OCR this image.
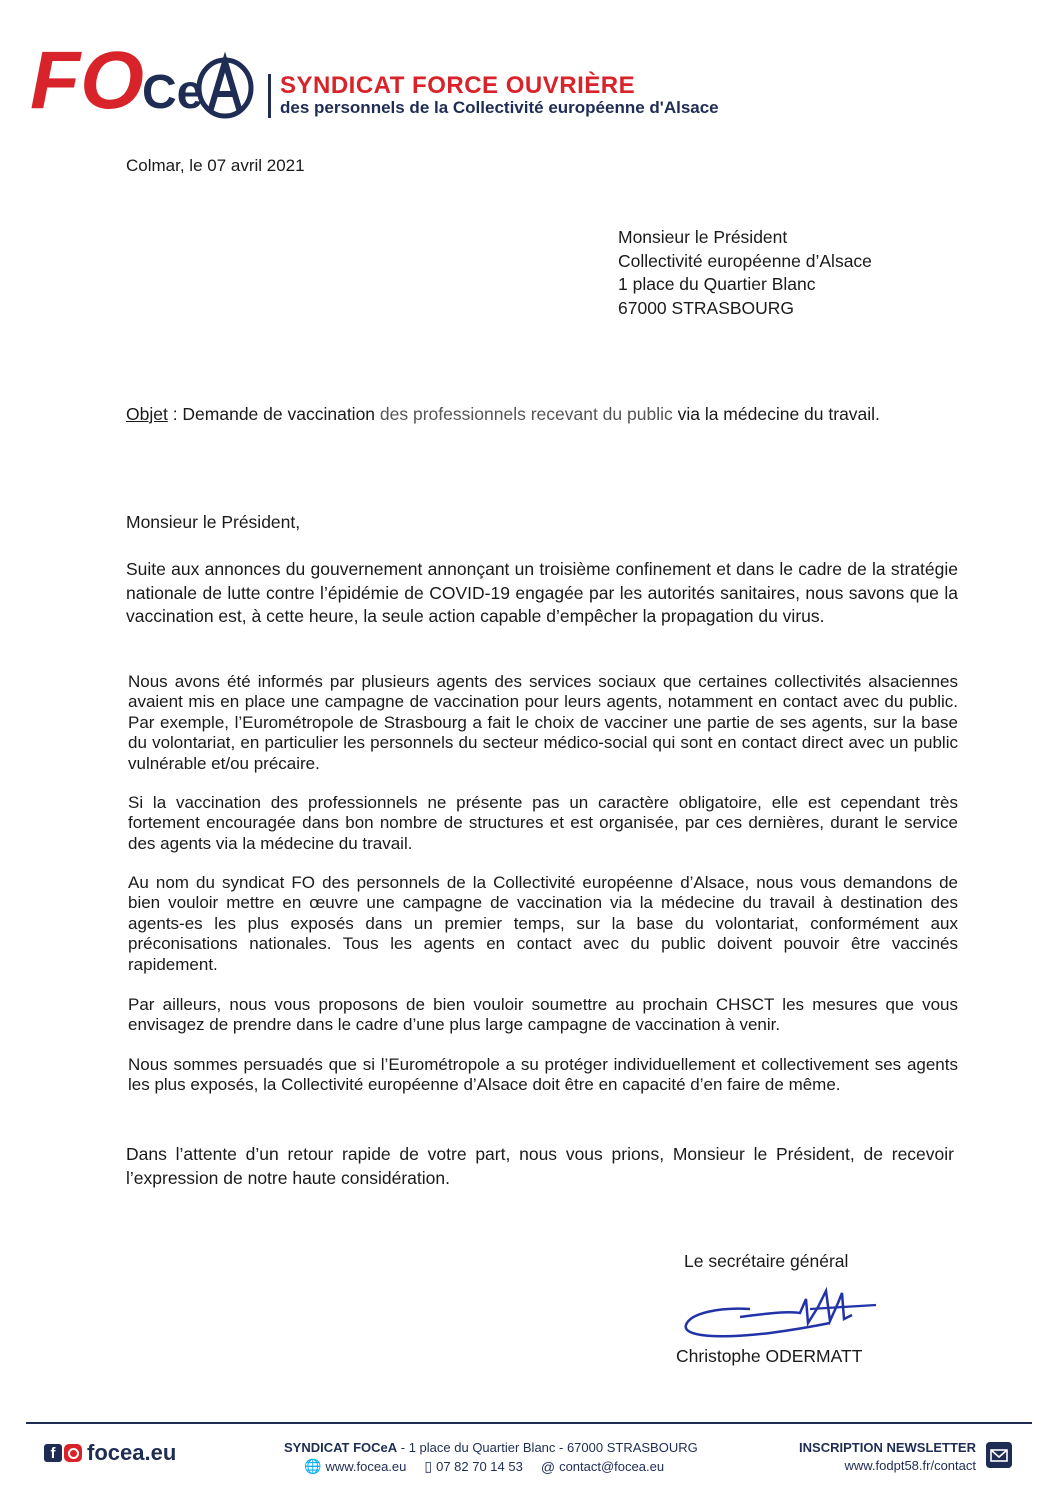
FO
Ce	SYNDICAT FORCE OUVRIÈRE
des personnels de la Collectivité européenne d'Alsace
Colmar, le 07 avril 2021
Monsieur le Président
Collectivité européenne d’Alsace
1 place du Quartier Blanc
67000 STRASBOURG
Objet : Demande de vaccination des professionnels recevant du public via la médecine du travail.
Monsieur le Président,
Suite aux annonces du gouvernement annonçant un troisième confinement et dans le cadre de la stratégie nationale de lutte contre l’épidémie de COVID-19 engagée par les autorités sanitaires, nous savons que la vaccination est, à cette heure, la seule action capable d’empêcher la propagation du virus.
Nous avons été informés par plusieurs agents des services sociaux que certaines collectivités alsaciennes avaient mis en place une campagne de vaccination pour leurs agents, notamment en contact avec du public. Par exemple, l’Eurométropole de Strasbourg a fait le choix de vacciner une partie de ses agents, sur la base du volontariat, en particulier les personnels du secteur médico-social qui sont en contact direct avec un public vulnérable et/ou précaire.
Si la vaccination des professionnels ne présente pas un caractère obligatoire, elle est cependant très fortement encouragée dans bon nombre de structures et est organisée, par ces dernières, durant le service des agents via la médecine du travail.
Au nom du syndicat FO des personnels de la Collectivité européenne d’Alsace, nous vous demandons de bien vouloir mettre en œuvre une campagne de vaccination via la médecine du travail à destination des agents-es les plus exposés dans un premier temps, sur la base du volontariat, conformément aux préconisations nationales. Tous les agents en contact avec du public doivent pouvoir être vaccinés rapidement.
Par ailleurs, nous vous proposons de bien vouloir soumettre au prochain CHSCT les mesures que vous envisagez de prendre dans le cadre d’une plus large campagne de vaccination à venir.
Nous sommes persuadés que si l’Eurométropole a su protéger individuellement et collectivement ses agents les plus exposés, la Collectivité européenne d’Alsace doit être en capacité d’en faire de même.
Dans l’attente d’un retour rapide de votre part, nous vous prions, Monsieur le Président, de recevoir l’expression de notre haute considération.
Le secrétaire général
Christophe ODERMATT
f focea.eu	SYNDICAT FOCeA - 1 place du Quartier Blanc - 67000 STRASBOURG
🌐 www.focea.eu ▯ 07 82 70 14 53 @ contact@focea.eu
INSCRIPTION NEWSLETTER
www.fodpt58.fr/contact
